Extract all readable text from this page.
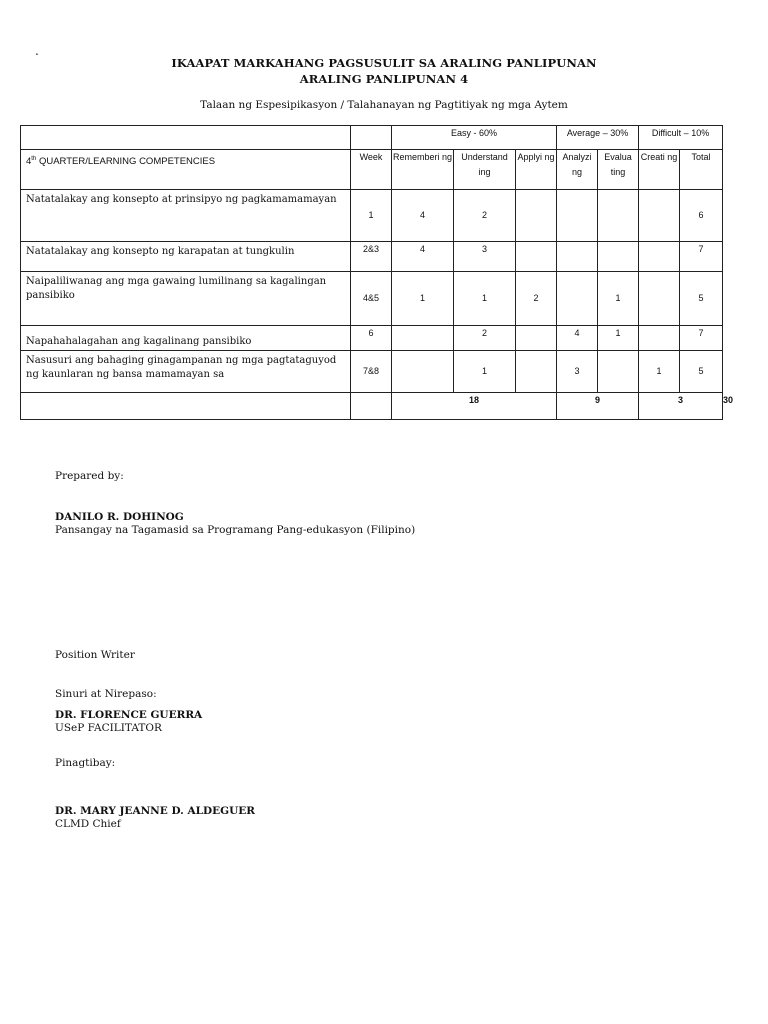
.
IKAAPAT MARKAHANG PAGSUSULIT SA ARALING PANLIPUNAN
ARALING PANLIPUNAN 4
Talaan ng Espesipikasyon / Talahanayan ng Pagtitiyak ng mga Aytem
		Easy - 60%			Average – 30%		Difficult – 10%		
4th QUARTER/LEARNING COMPETENCIES	Week	Rememberi ng	Understand ing	Applyi ng	Analyzi ng	Evalua ting	Creati ng	Total	
Natatalakay ang konsepto at prinsipyo ng pagkamamamayan	1	4	2					6	
Natatalakay ang konsepto ng karapatan at tungkulin	2&3	4	3					7	
Naipaliliwanag ang mga gawaing lumilinang sa kagalingan pansibiko	4&5	1	1	2		1		5	
Napahahalagahan ang kagalinang pansibiko	6		2		4	1		7	
Nasusuri ang bahaging ginagampanan ng mga pagtataguyod ng kaunlaran ng bansa mamamayan sa	7&8		1		3		1	5	
		18			9		3		30
Prepared by:
DANILO R. DOHINOG
Pansangay na Tagamasid sa Programang Pang-edukasyon (Filipino)
Position Writer
Sinuri at Nirepaso:
DR. FLORENCE GUERRA
USeP FACILITATOR
Pinagtibay:
DR. MARY JEANNE D. ALDEGUER
CLMD Chief
